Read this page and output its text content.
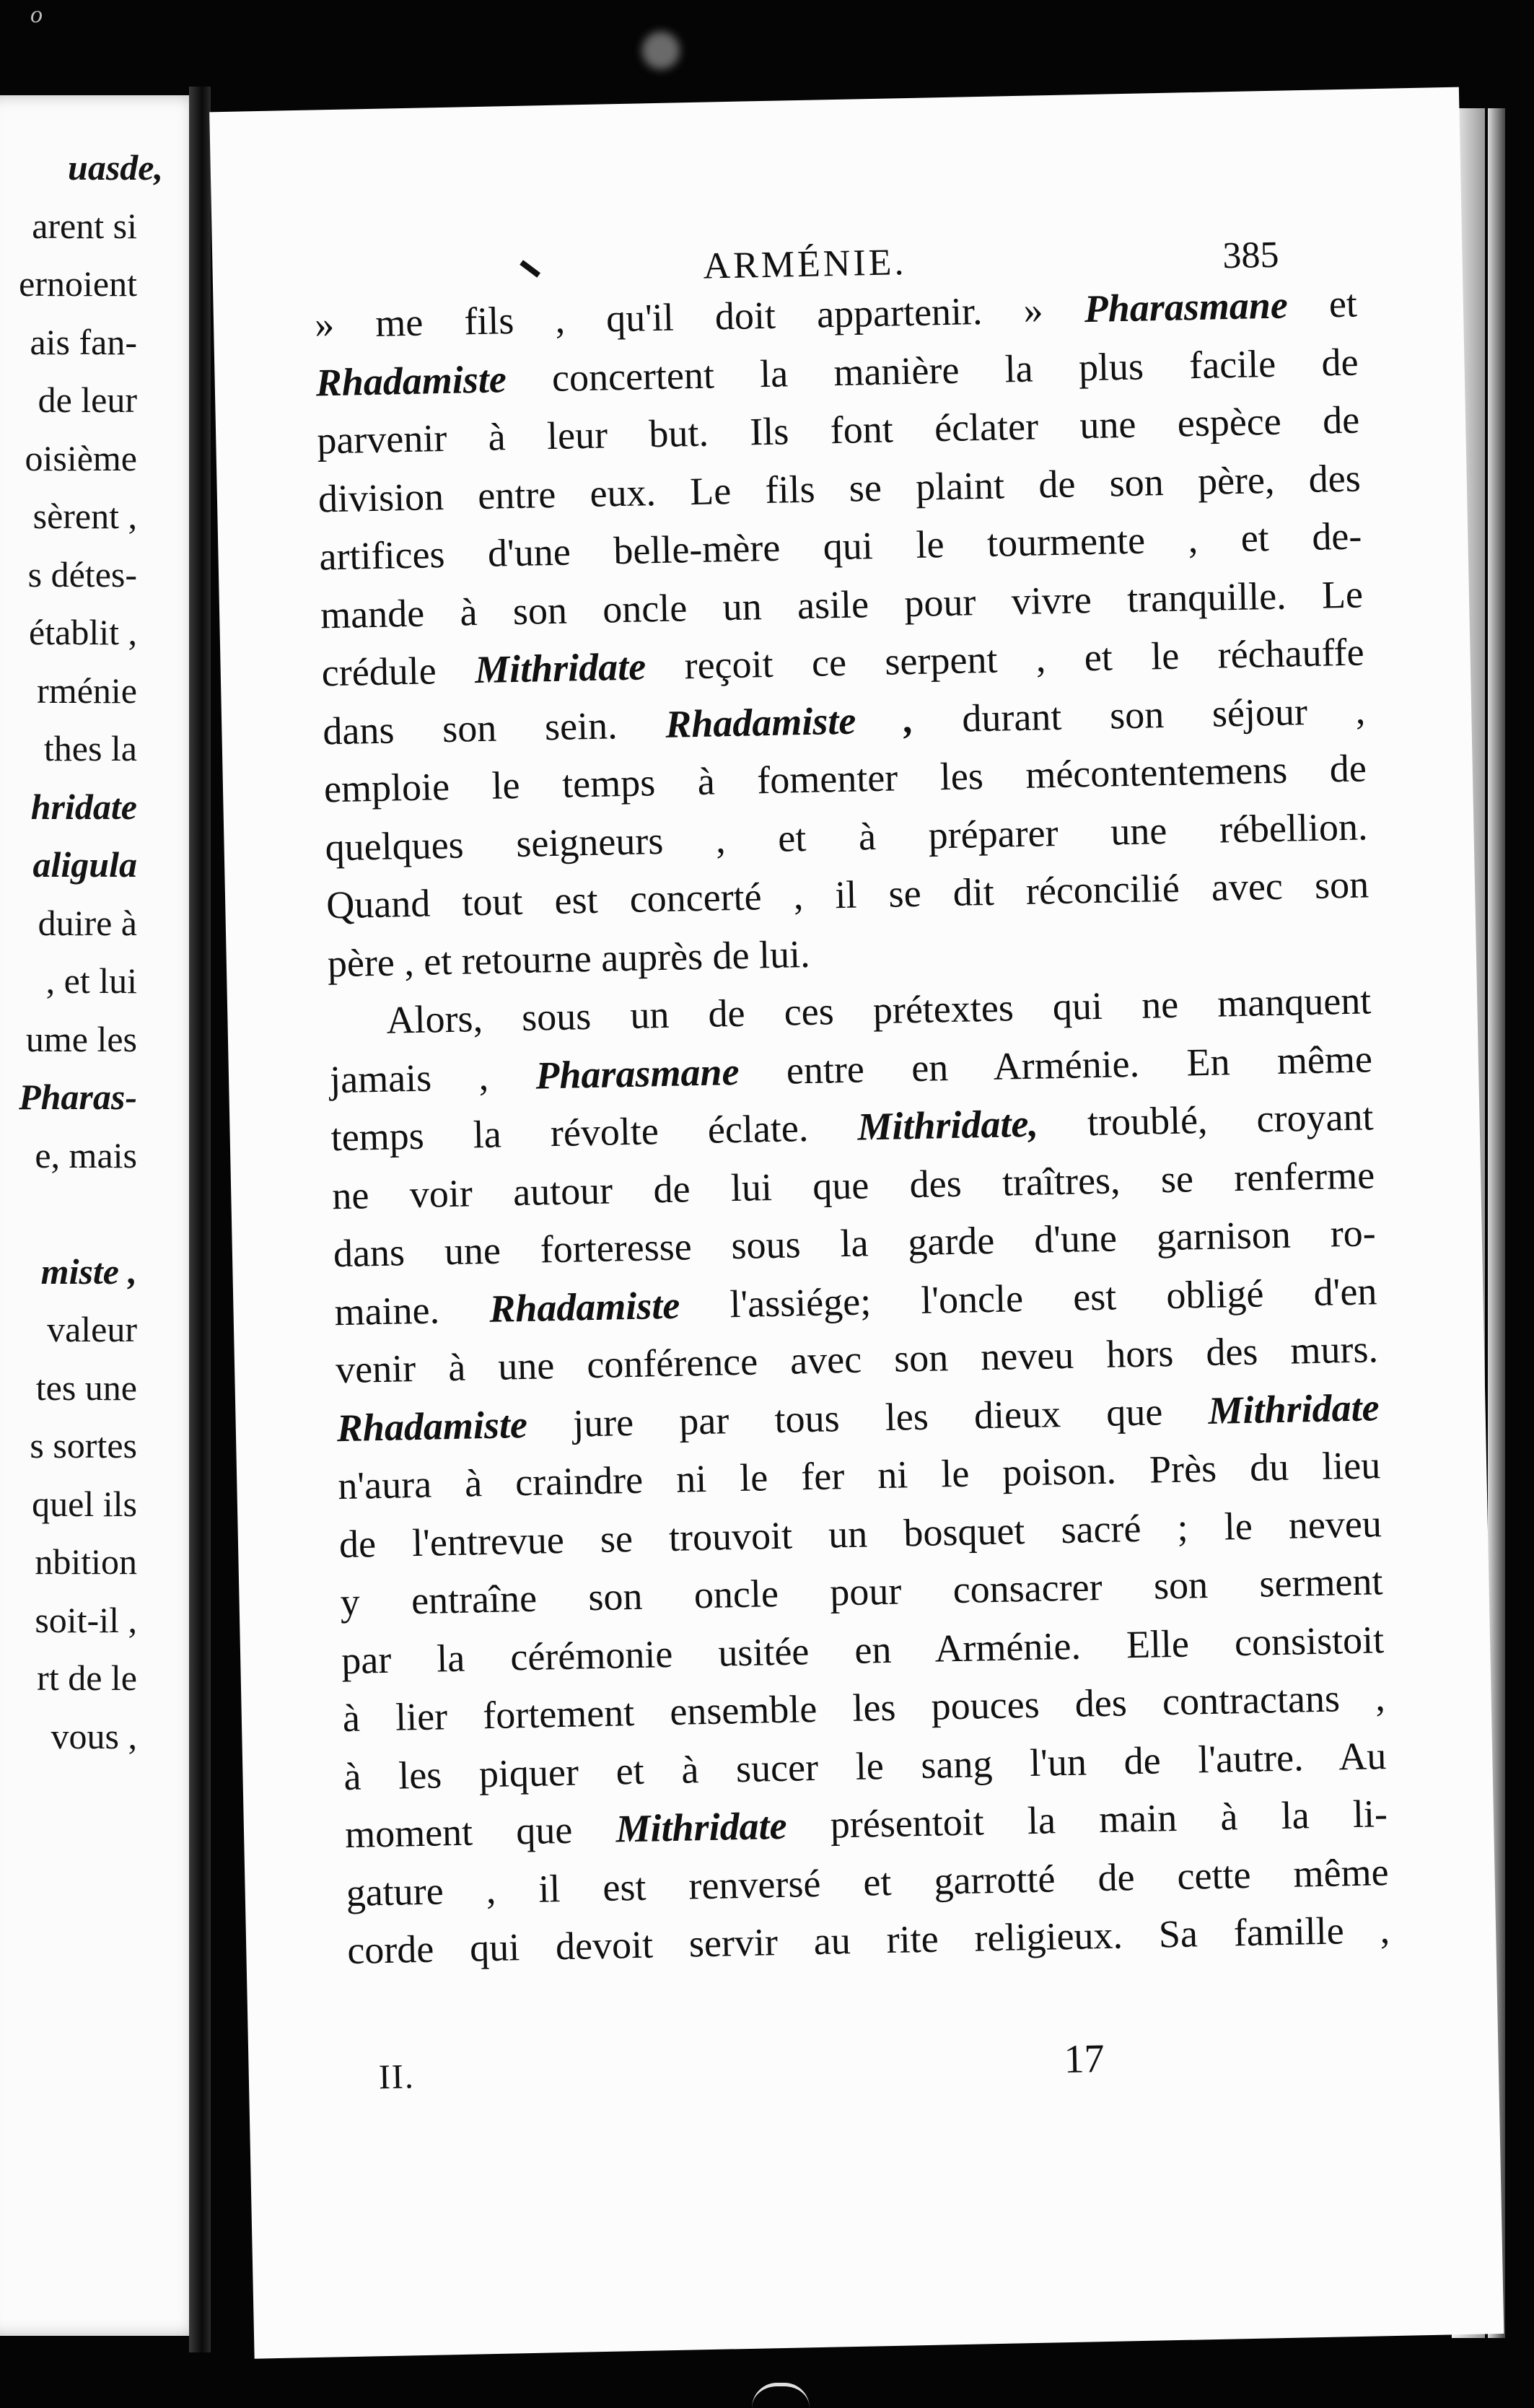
o
uasde,
arent si
ernoient
ais fan-
de leur
oisième
sèrent ,
s détes-
établit ,
rménie
thes la
hridate
aligula
duire à
, et lui
ume les
Pharas-
e, mais
miste ,
valeur
tes une
s sortes
quel ils
nbition
soit-il ,
rt de le
vous ,
ARMÉNIE.	385
» me fils , qu'il doit appartenir. » Pharasmane et
Rhadamiste concertent la manière la plus facile de
parvenir à leur but. Ils font éclater une espèce de
division entre eux. Le fils se plaint de son père, des
artifices d'une belle-mère qui le tourmente , et de-
mande à son oncle un asile pour vivre tranquille. Le
crédule Mithridate reçoit ce serpent , et le réchauffe
dans son sein. Rhadamiste , durant son séjour ,
emploie le temps à fomenter les mécontentemens de
quelques seigneurs , et à préparer une rébellion.
Quand tout est concerté , il se dit réconcilié avec son
père , et retourne auprès de lui.
Alors, sous un de ces prétextes qui ne manquent
jamais , Pharasmane entre en Arménie. En même
temps la révolte éclate. Mithridate, troublé, croyant
ne voir autour de lui que des traîtres, se renferme
dans une forteresse sous la garde d'une garnison ro-
maine. Rhadamiste l'assiége; l'oncle est obligé d'en
venir à une conférence avec son neveu hors des murs.
Rhadamiste jure par tous les dieux que Mithridate
n'aura à craindre ni le fer ni le poison. Près du lieu
de l'entrevue se trouvoit un bosquet sacré ; le neveu
y entraîne son oncle pour consacrer son serment
par la cérémonie usitée en Arménie. Elle consistoit
à lier fortement ensemble les pouces des contractans ,
à les piquer et à sucer le sang l'un de l'autre. Au
moment que Mithridate présentoit la main à la li-
gature , il est renversé et garrotté de cette même
corde qui devoit servir au rite religieux. Sa famille ,
II.	17
